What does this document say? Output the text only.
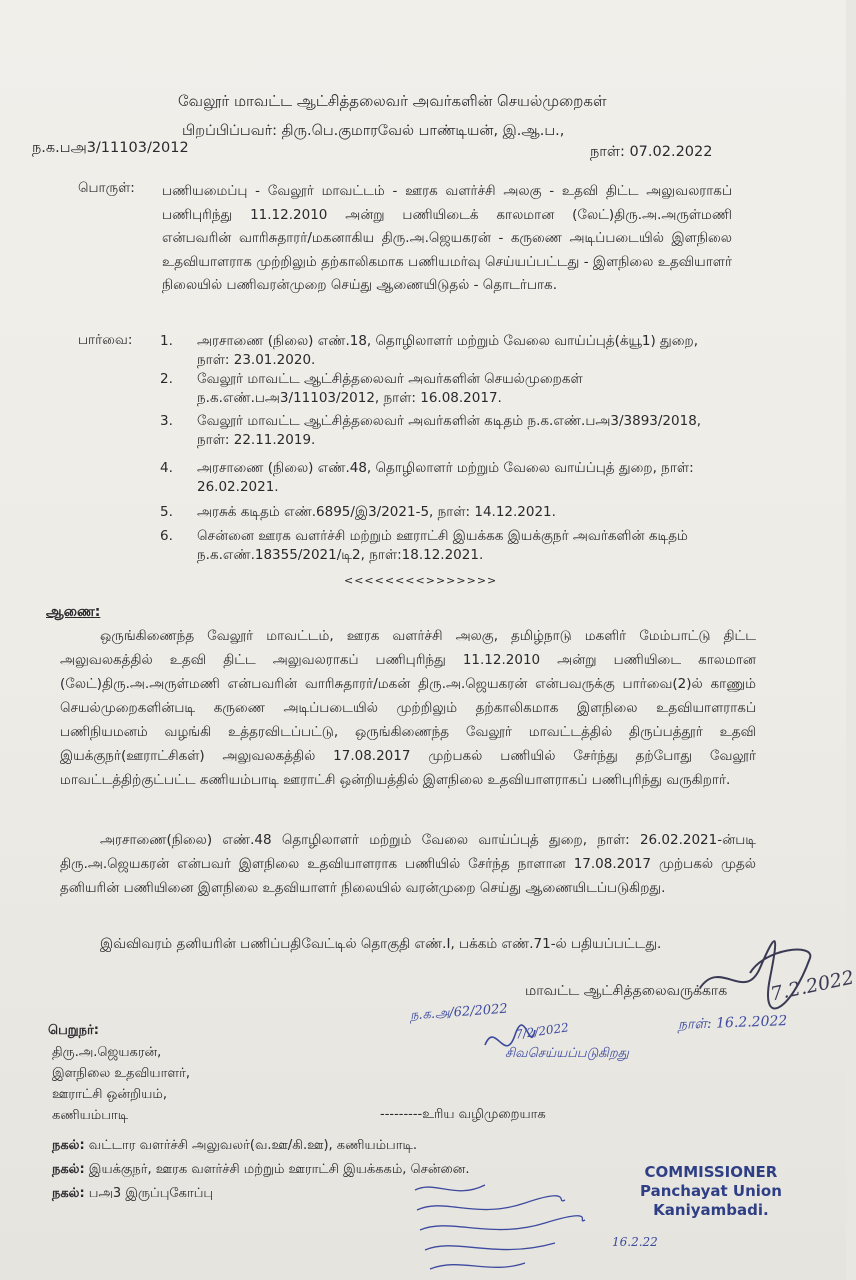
வேலூர் மாவட்ட ஆட்சித்தலைவர் அவர்களின் செயல்முறைகள்
பிறப்பிப்பவர்: திரு.பெ.குமாரவேல் பாண்டியன், இ.ஆ.ப.,
ந.க.பஅ3/11103/2012	நாள்: 07.02.2022
பொருள்: பணியமைப்பு - வேலூர் மாவட்டம் - ஊரக வளர்ச்சி அலகு - உதவி திட்ட அலுவலராகப் பணிபுரிந்து 11.12.2010 அன்று பணியிடைக் காலமான (லேட்)திரு.அ.அருள்மணி என்பவரின் வாரிசுதாரர்/மகனாகிய திரு.அ.ஜெயகரன் - கருணை அடிப்படையில் இளநிலை உதவியாளராக முற்றிலும் தற்காலிகமாக பணியமர்வு செய்யப்பட்டது - இளநிலை உதவியாளர் நிலையில் பணிவரன்முறை செய்து ஆணையிடுதல் - தொடர்பாக.
பார்வை: 1. அரசாணை (நிலை) எண்.18, தொழிலாளர் மற்றும் வேலை வாய்ப்புத்(க்யூ1) துறை, நாள்: 23.01.2020.
2. வேலூர் மாவட்ட ஆட்சித்தலைவர் அவர்களின் செயல்முறைகள் ந.க.எண்.பஅ3/11103/2012, நாள்: 16.08.2017.
3. வேலூர் மாவட்ட ஆட்சித்தலைவர் அவர்களின் கடிதம் ந.க.எண்.பஅ3/3893/2018, நாள்: 22.11.2019.
4. அரசாணை (நிலை) எண்.48, தொழிலாளர் மற்றும் வேலை வாய்ப்புத் துறை, நாள்: 26.02.2021.
5. அரசுக் கடிதம் எண்.6895/இ3/2021-5, நாள்: 14.12.2021.
6. சென்னை ஊரக வளர்ச்சி மற்றும் ஊராட்சி இயக்கக இயக்குநர் அவர்களின் கடிதம் ந.க.எண்.18355/2021/டி2, நாள்:18.12.2021.
<<<<<<<<>>>>>>>
ஆணை:
ஒருங்கிணைந்த வேலூர் மாவட்டம், ஊரக வளர்ச்சி அலகு, தமிழ்நாடு மகளிர் மேம்பாட்டு திட்ட அலுவலகத்தில் உதவி திட்ட அலுவலராகப் பணிபுரிந்து 11.12.2010 அன்று பணியிடை காலமான (லேட்)திரு.அ.அருள்மணி என்பவரின் வாரிசுதாரர்/மகன் திரு.அ.ஜெயகரன் என்பவருக்கு பார்வை(2)ல் காணும் செயல்முறைகளின்படி கருணை அடிப்படையில் முற்றிலும் தற்காலிகமாக இளநிலை உதவியாளராகப் பணிநியமனம் வழங்கி உத்தரவிடப்பட்டு, ஒருங்கிணைந்த வேலூர் மாவட்டத்தில் திருப்பத்தூர் உதவி இயக்குநர்(ஊராட்சிகள்) அலுவலகத்தில் 17.08.2017 முற்பகல் பணியில் சேர்ந்து தற்போது வேலூர் மாவட்டத்திற்குட்பட்ட கணியம்பாடி ஊராட்சி ஒன்றியத்தில் இளநிலை உதவியாளராகப் பணிபுரிந்து வருகிறார்.
அரசாணை(நிலை) எண்.48 தொழிலாளர் மற்றும் வேலை வாய்ப்புத் துறை, நாள்: 26.02.2021-ன்படி திரு.அ.ஜெயகரன் என்பவர் இளநிலை உதவியாளராக பணியில் சேர்ந்த நாளான 17.08.2017 முற்பகல் முதல் தனியரின் பணியினை இளநிலை உதவியாளர் நிலையில் வரன்முறை செய்து ஆணையிடப்படுகிறது.
இவ்விவரம் தனியரின் பணிப்பதிவேட்டில் தொகுதி எண்.I, பக்கம் எண்.71-ல் பதியப்பட்டது.
மாவட்ட ஆட்சித்தலைவருக்காக 7.2.2022
ந.க.அ/62/2022
7/2/2022	நாள்: 16.2.2022
சிவசெய்யப்படுகிறது
பெறுநர்:
திரு.அ.ஜெயகரன்,
இளநிலை உதவியாளர்,
ஊராட்சி ஒன்றியம்,
கணியம்பாடி	---------உரிய வழிமுறையாக
நகல்: வட்டார வளர்ச்சி அலுவலர்(வ.ஊ/கி.ஊ), கணியம்பாடி.
நகல்: இயக்குநர், ஊரக வளர்ச்சி மற்றும் ஊராட்சி இயக்ககம், சென்னை.
நகல்: பஅ3 இருப்புகோப்பு
16.2.22
COMMISSIONER
Panchayat Union
Kaniyambadi.
